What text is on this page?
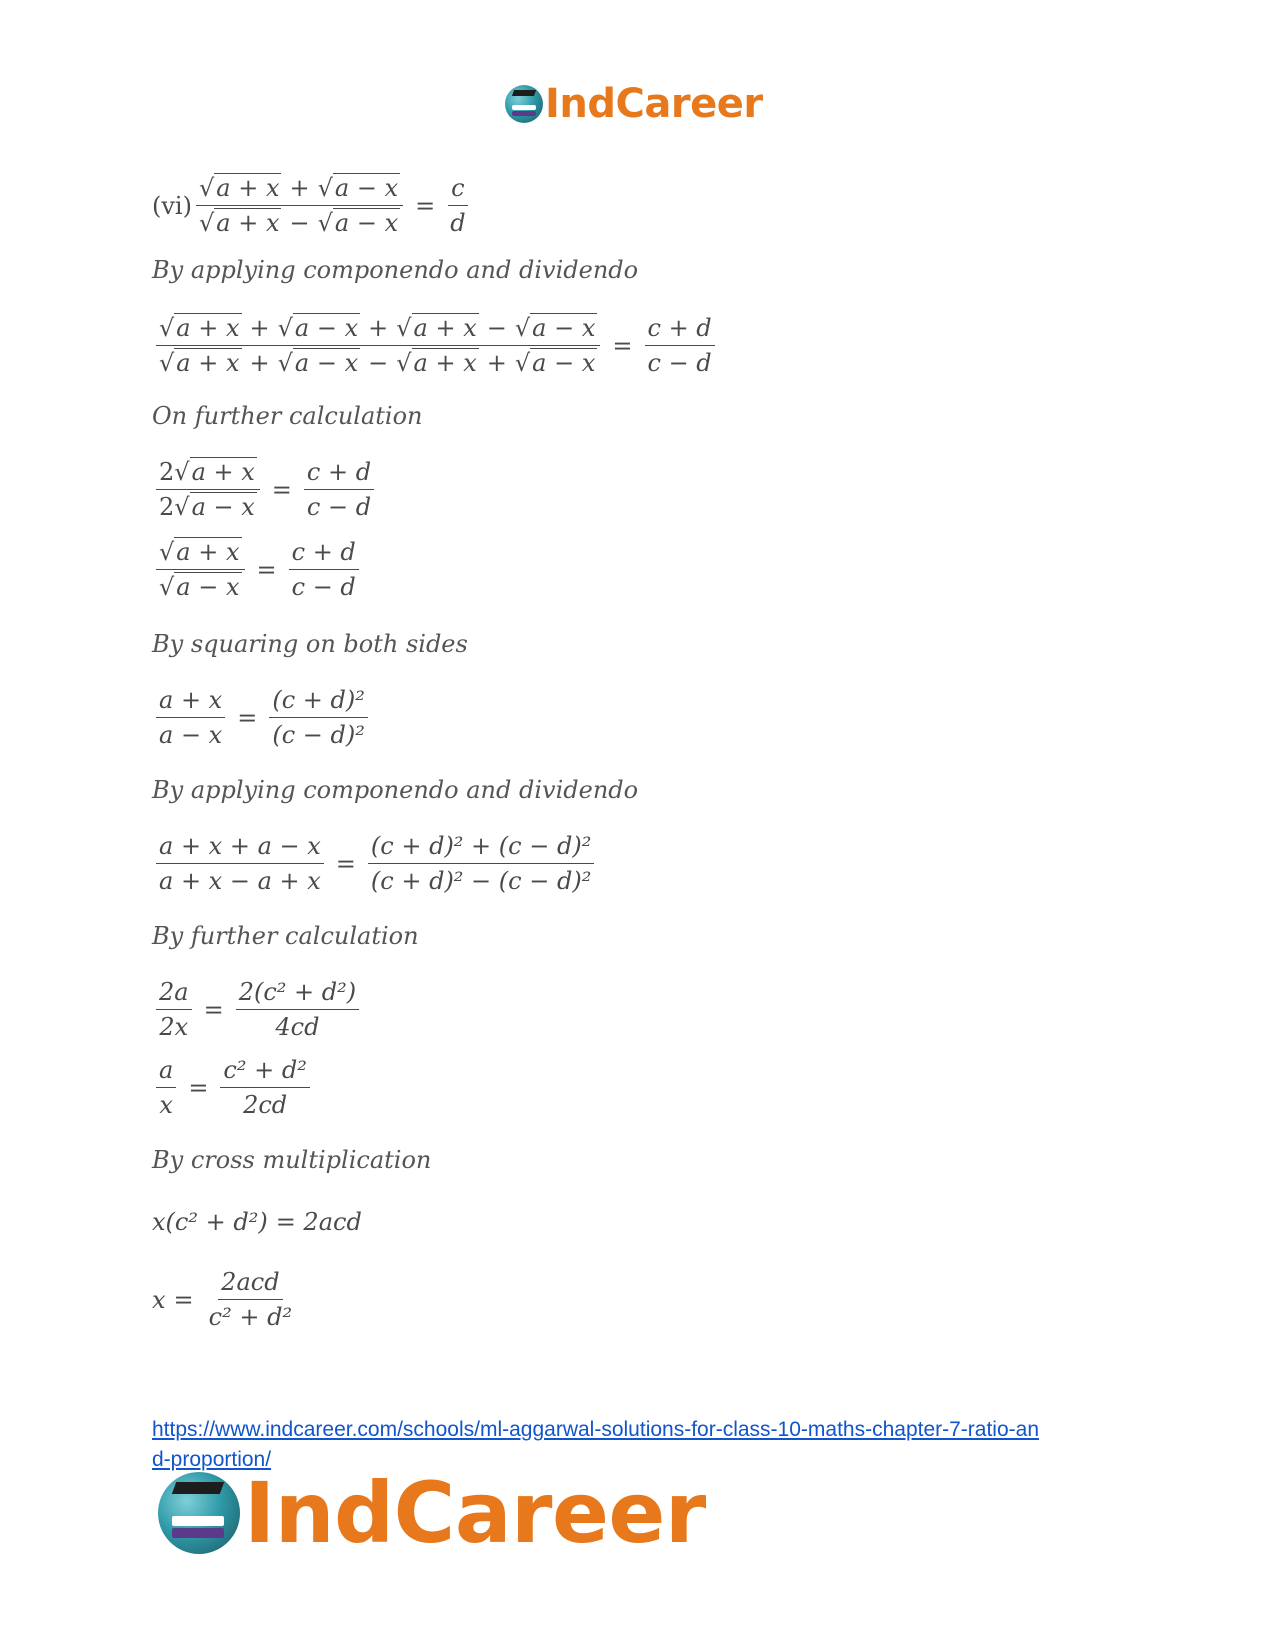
IndCareer
$(vi) \frac{√a + x + √a - x}{√a + x - √a - x} = \frac{c}{d}$
By applying componendo and dividendo
$\frac{√a + x + √a - x + √a + x - √a - x}{√a + x + √a - x - √a + x + √a - x} = \frac{c + d}{c - d}$
On further calculation
$\frac{2√a + x}{2√a - x} = \frac{c + d}{c - d}$
$\frac{√a + x}{√a - x} = \frac{c + d}{c - d}$
By squaring on both sides
$\frac{a + x}{a - x} = \frac{\text{(c + d)²}}{\text{(c − d)²}}$
By applying componendo and dividendo
$\frac{a + x + a - x}{a + x - a + x} = \frac{\text{(c + d)² + (c − d)²}}{\text{(c + d)² − (c − d)²}}$
By further calculation
$\frac{2a}{2x} = \frac{\text{2(c² + d²)}}{4cd}$
$\frac{a}{x} = \frac{\text{c² + d²}}{2cd}$
By cross multiplication
x(c² + d²) = 2acd
$x = \frac{\text{2acd}}{\text{c² + d²}}$
https://www.indcareer.com/schools/ml-aggarwal-solutions-for-class-10-maths-chapter-7-ratio-an
d-proportion/
IndCareer
